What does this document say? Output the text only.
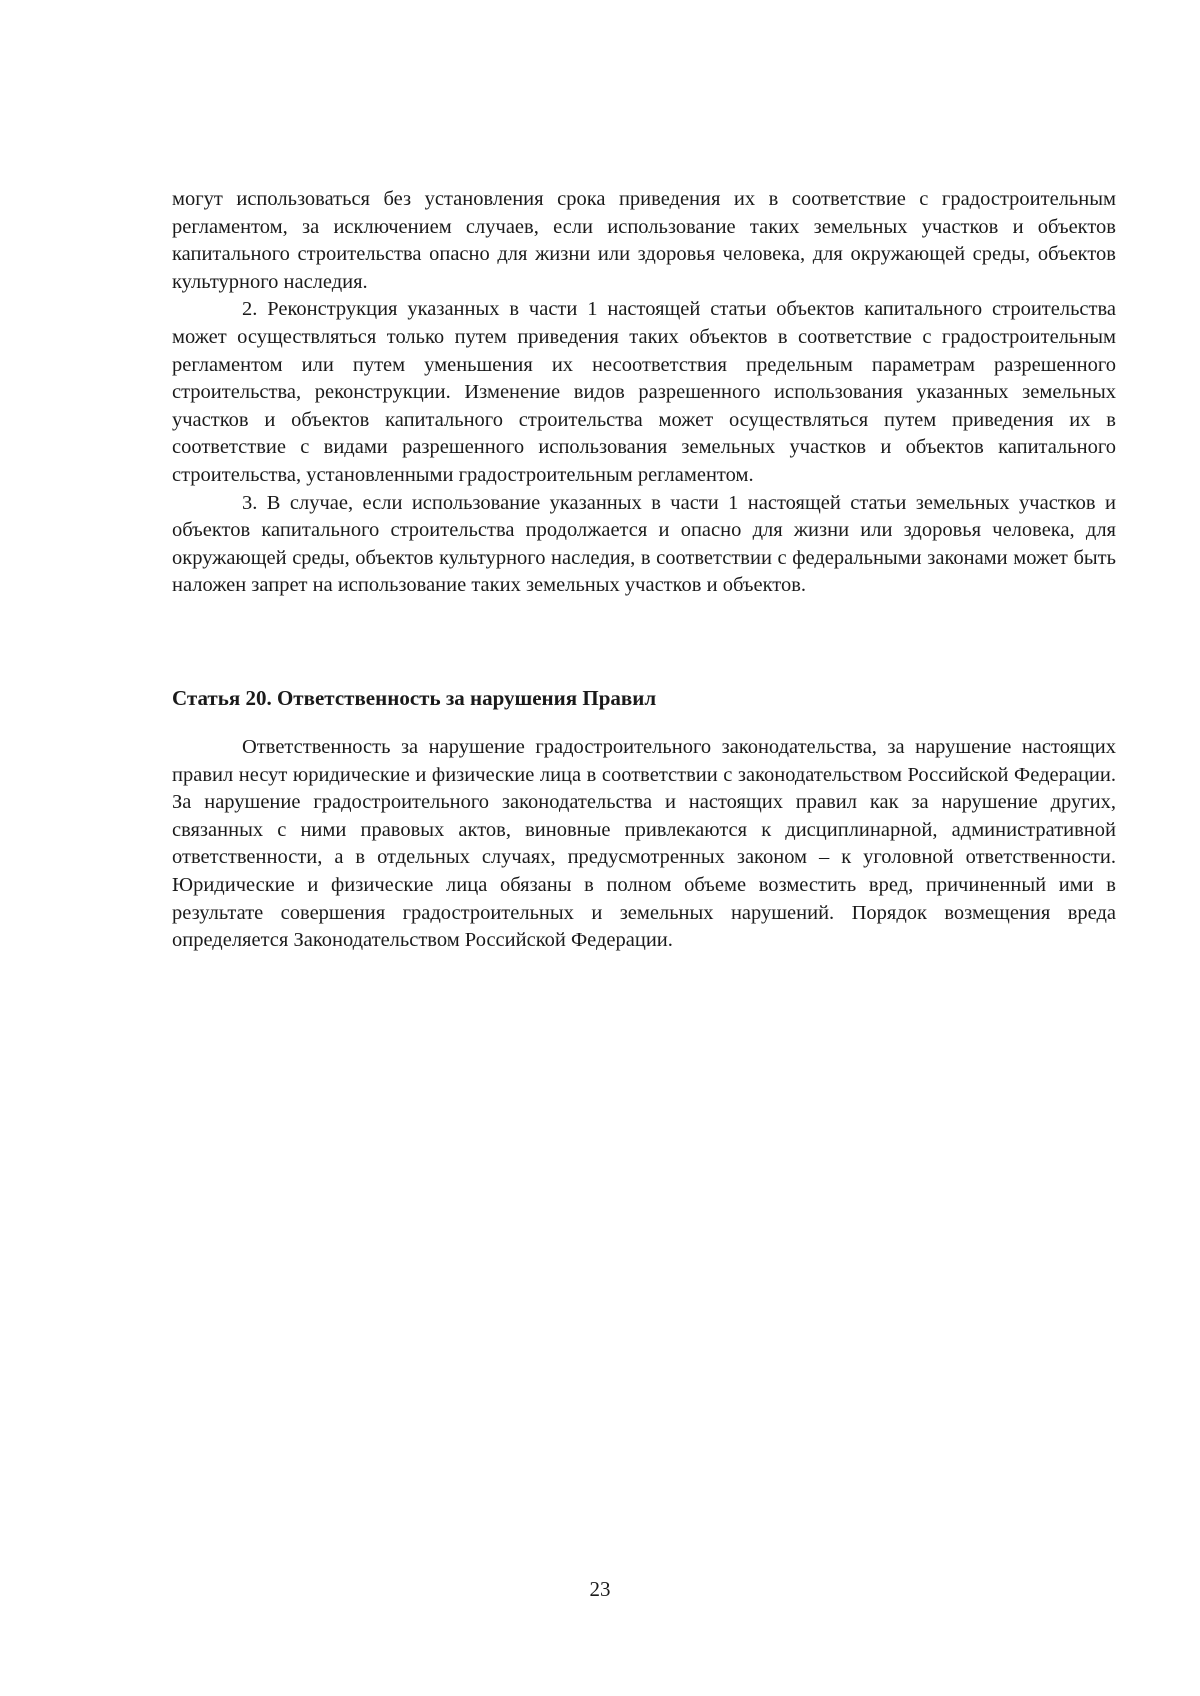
могут использоваться без установления срока приведения их в соответствие с градостроительным регламентом, за исключением случаев, если использование таких земельных участков и объектов капитального строительства опасно для жизни или здоровья человека, для окружающей среды, объектов культурного наследия.

2. Реконструкция указанных в части 1 настоящей статьи объектов капитального строительства может осуществляться только путем приведения таких объектов в соответствие с градостроительным регламентом или путем уменьшения их несоответствия предельным параметрам разрешенного строительства, реконструкции. Изменение видов разрешенного использования указанных земельных участков и объектов капитального строительства может осуществляться путем приведения их в соответствие с видами разрешенного использования земельных участков и объектов капитального строительства, установленными градостроительным регламентом.

3. В случае, если использование указанных в части 1 настоящей статьи земельных участков и объектов капитального строительства продолжается и опасно для жизни или здоровья человека, для окружающей среды, объектов культурного наследия, в соответствии с федеральными законами может быть наложен запрет на использование таких земельных участков и объектов.

Статья 20. Ответственность за нарушения Правил

Ответственность за нарушение градостроительного законодательства, за нарушение настоящих правил несут юридические и физические лица в соответствии с законодательством Российской Федерации. За нарушение градостроительного законодательства и настоящих правил как за нарушение других, связанных с ними правовых актов, виновные привлекаются к дисциплинарной, административной ответственности, а в отдельных случаях, предусмотренных законом – к уголовной ответственности. Юридические и физические лица обязаны в полном объеме возместить вред, причиненный ими в результате совершения градостроительных и земельных нарушений. Порядок возмещения вреда определяется Законодательством Российской Федерации.

23
